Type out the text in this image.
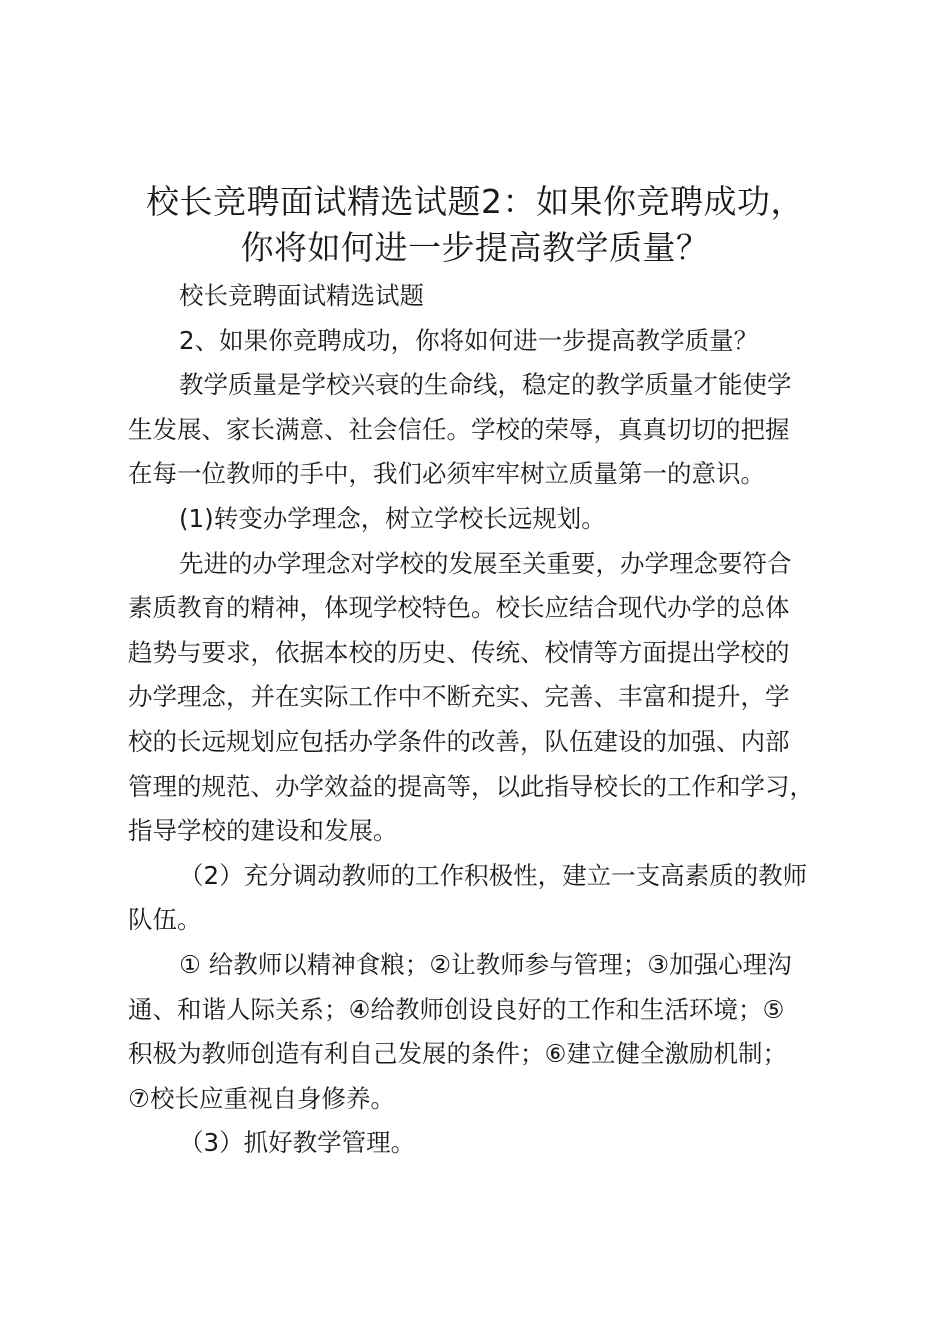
校长竞聘面试精选试题2：如果你竞聘成功，
你将如何进一步提高教学质量？

校长竞聘面试精选试题

2、如果你竞聘成功，你将如何进一步提高教学质量？

教学质量是学校兴衰的生命线，稳定的教学质量才能使学
生发展、家长满意、社会信任。学校的荣辱，真真切切的把握
在每一位教师的手中，我们必须牢牢树立质量第一的意识。

(1)转变办学理念，树立学校长远规划。

先进的办学理念对学校的发展至关重要，办学理念要符合
素质教育的精神，体现学校特色。校长应结合现代办学的总体
趋势与要求，依据本校的历史、传统、校情等方面提出学校的
办学理念，并在实际工作中不断充实、完善、丰富和提升，学
校的长远规划应包括办学条件的改善，队伍建设的加强、内部
管理的规范、办学效益的提高等，以此指导校长的工作和学习，
指导学校的建设和发展。

（2）充分调动教师的工作积极性，建立一支高素质的教师
队伍。

① 给教师以精神食粮；②让教师参与管理；③加强心理沟
通、和谐人际关系；④给教师创设良好的工作和生活环境；⑤
积极为教师创造有利自己发展的条件；⑥建立健全激励机制；
⑦校长应重视自身修养。

（3）抓好教学管理。
